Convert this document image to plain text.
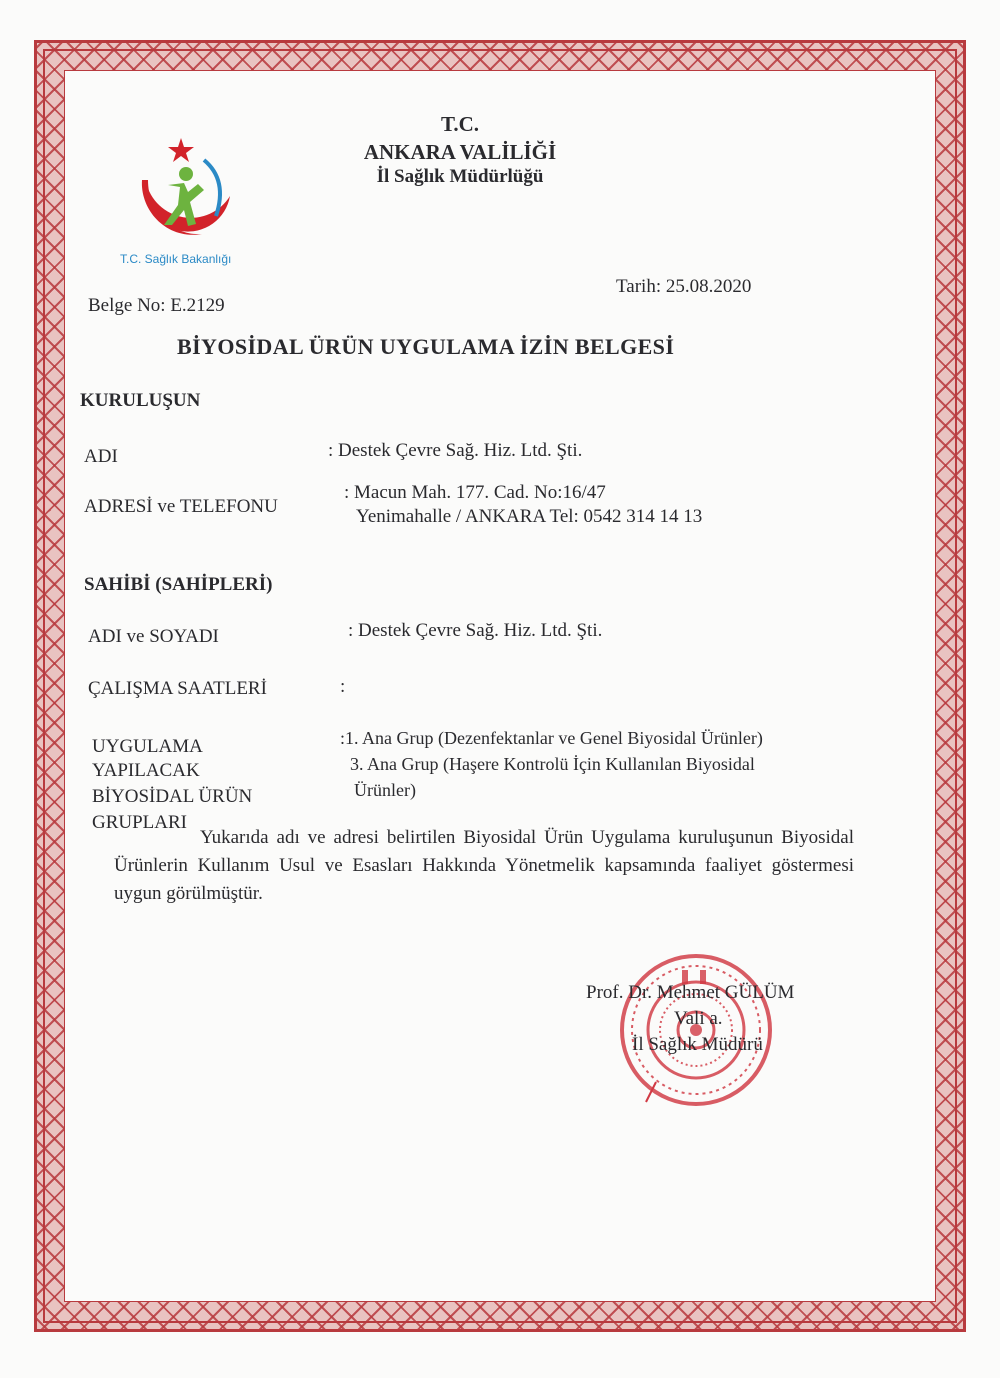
T.C.
ANKARA VALİLİĞİ
İl Sağlık Müdürlüğü
T.C. Sağlık Bakanlığı
Belge No: E.2129
Tarih: 25.08.2020
BİYOSİDAL ÜRÜN UYGULAMA İZİN BELGESİ
KURULUŞUN
ADI	: Destek Çevre Sağ. Hiz. Ltd. Şti.
ADRESİ ve TELEFONU
: Macun Mah. 177. Cad. No:16/47
Yenimahalle / ANKARA Tel: 0542 314 14 13
SAHİBİ (SAHİPLERİ)
ADI ve SOYADI	: Destek Çevre Sağ. Hiz. Ltd. Şti.
ÇALIŞMA SAATLERİ	:
UYGULAMA
YAPILACAK
BİYOSİDAL ÜRÜN
GRUPLARI
:1. Ana Grup (Dezenfektanlar ve Genel Biyosidal Ürünler)
3. Ana Grup (Haşere Kontrolü İçin Kullanılan Biyosidal
Ürünler)
Yukarıda adı ve adresi belirtilen Biyosidal Ürün Uygulama kuruluşunun Biyosidal Ürünlerin Kullanım Usul ve Esasları Hakkında Yönetmelik kapsamında faaliyet göstermesi uygun görülmüştür.
Prof. Dr. Mehmet GÜLÜM
Vali a.
İl Sağlık Müdürü
